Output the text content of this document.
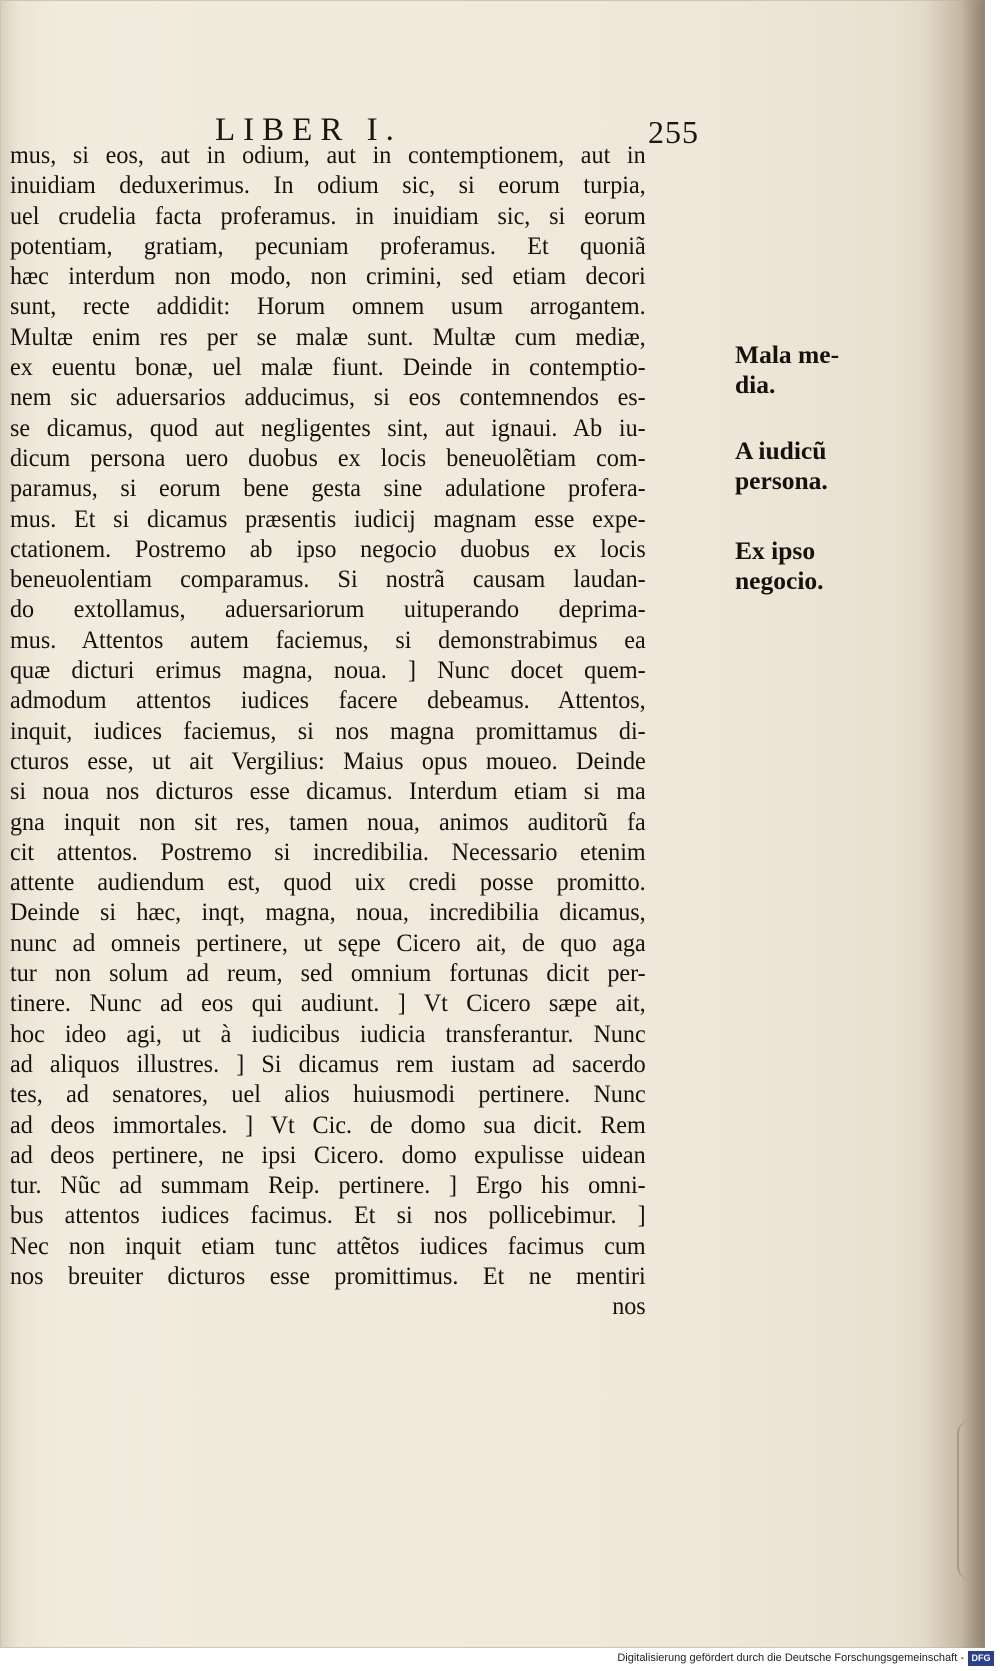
LIBER I.	255
mus, si eos, aut in odium, aut in contemptionem, aut in
inuidiam deduxerimus. In odium sic, si eorum turpia,
uel crudelia facta proferamus. in inuidiam sic, si eorum
potentiam, gratiam, pecuniam proferamus. Et quoniã
hæc interdum non modo, non crimini, sed etiam decori
sunt, recte addidit: Horum omnem usum arrogantem.
Multæ enim res per se malæ sunt. Multæ cum mediæ,
ex euentu bonæ, uel malæ fiunt. Deinde in contemptio-
nem sic aduersarios adducimus, si eos contemnendos es-
se dicamus, quod aut negligentes sint, aut ignaui. Ab iu-
dicum persona uero duobus ex locis beneuolẽtiam com-
paramus, si eorum bene gesta sine adulatione profera-
mus. Et si dicamus præsentis iudicij magnam esse expe-
ctationem. Postremo ab ipso negocio duobus ex locis
beneuolentiam comparamus. Si nostrã causam laudan-
do extollamus, aduersariorum uituperando deprima-
mus. Attentos autem faciemus, si demonstrabimus ea
quæ dicturi erimus magna, noua. ] Nunc docet quem-
admodum attentos iudices facere debeamus. Attentos,
inquit, iudices faciemus, si nos magna promittamus di-
cturos esse, ut ait Vergilius: Maius opus moueo. Deinde
si noua nos dicturos esse dicamus. Interdum etiam si ma
gna inquit non sit res, tamen noua, animos auditorũ fa
cit attentos. Postremo si incredibilia. Necessario etenim
attente audiendum est, quod uix credi posse promitto.
Deinde si hæc, inqt, magna, noua, incredibilia dicamus,
nunc ad omneis pertinere, ut sępe Cicero ait, de quo aga
tur non solum ad reum, sed omnium fortunas dicit per-
tinere. Nunc ad eos qui audiunt. ] Vt Cicero sæpe ait,
hoc ideo agi, ut à iudicibus iudicia transferantur. Nunc
ad aliquos illustres. ] Si dicamus rem iustam ad sacerdo
tes, ad senatores, uel alios huiusmodi pertinere. Nunc
ad deos immortales. ] Vt Cic. de domo sua dicit. Rem
ad deos pertinere, ne ipsi Cicero. domo expulisse uidean
tur. Nũc ad summam Reip. pertinere. ] Ergo his omni-
bus attentos iudices facimus. Et si nos pollicebimur. ]
Nec non inquit etiam tunc attẽtos iudices facimus cum
nos breuiter dicturos esse promittimus. Et ne mentiri
nos
Mala me-
dia.
A iudicũ
persona.
Ex ipso
negocio.
Digitalisierung gefördert durch die Deutsche Forschungsgemeinschaft - DFG
